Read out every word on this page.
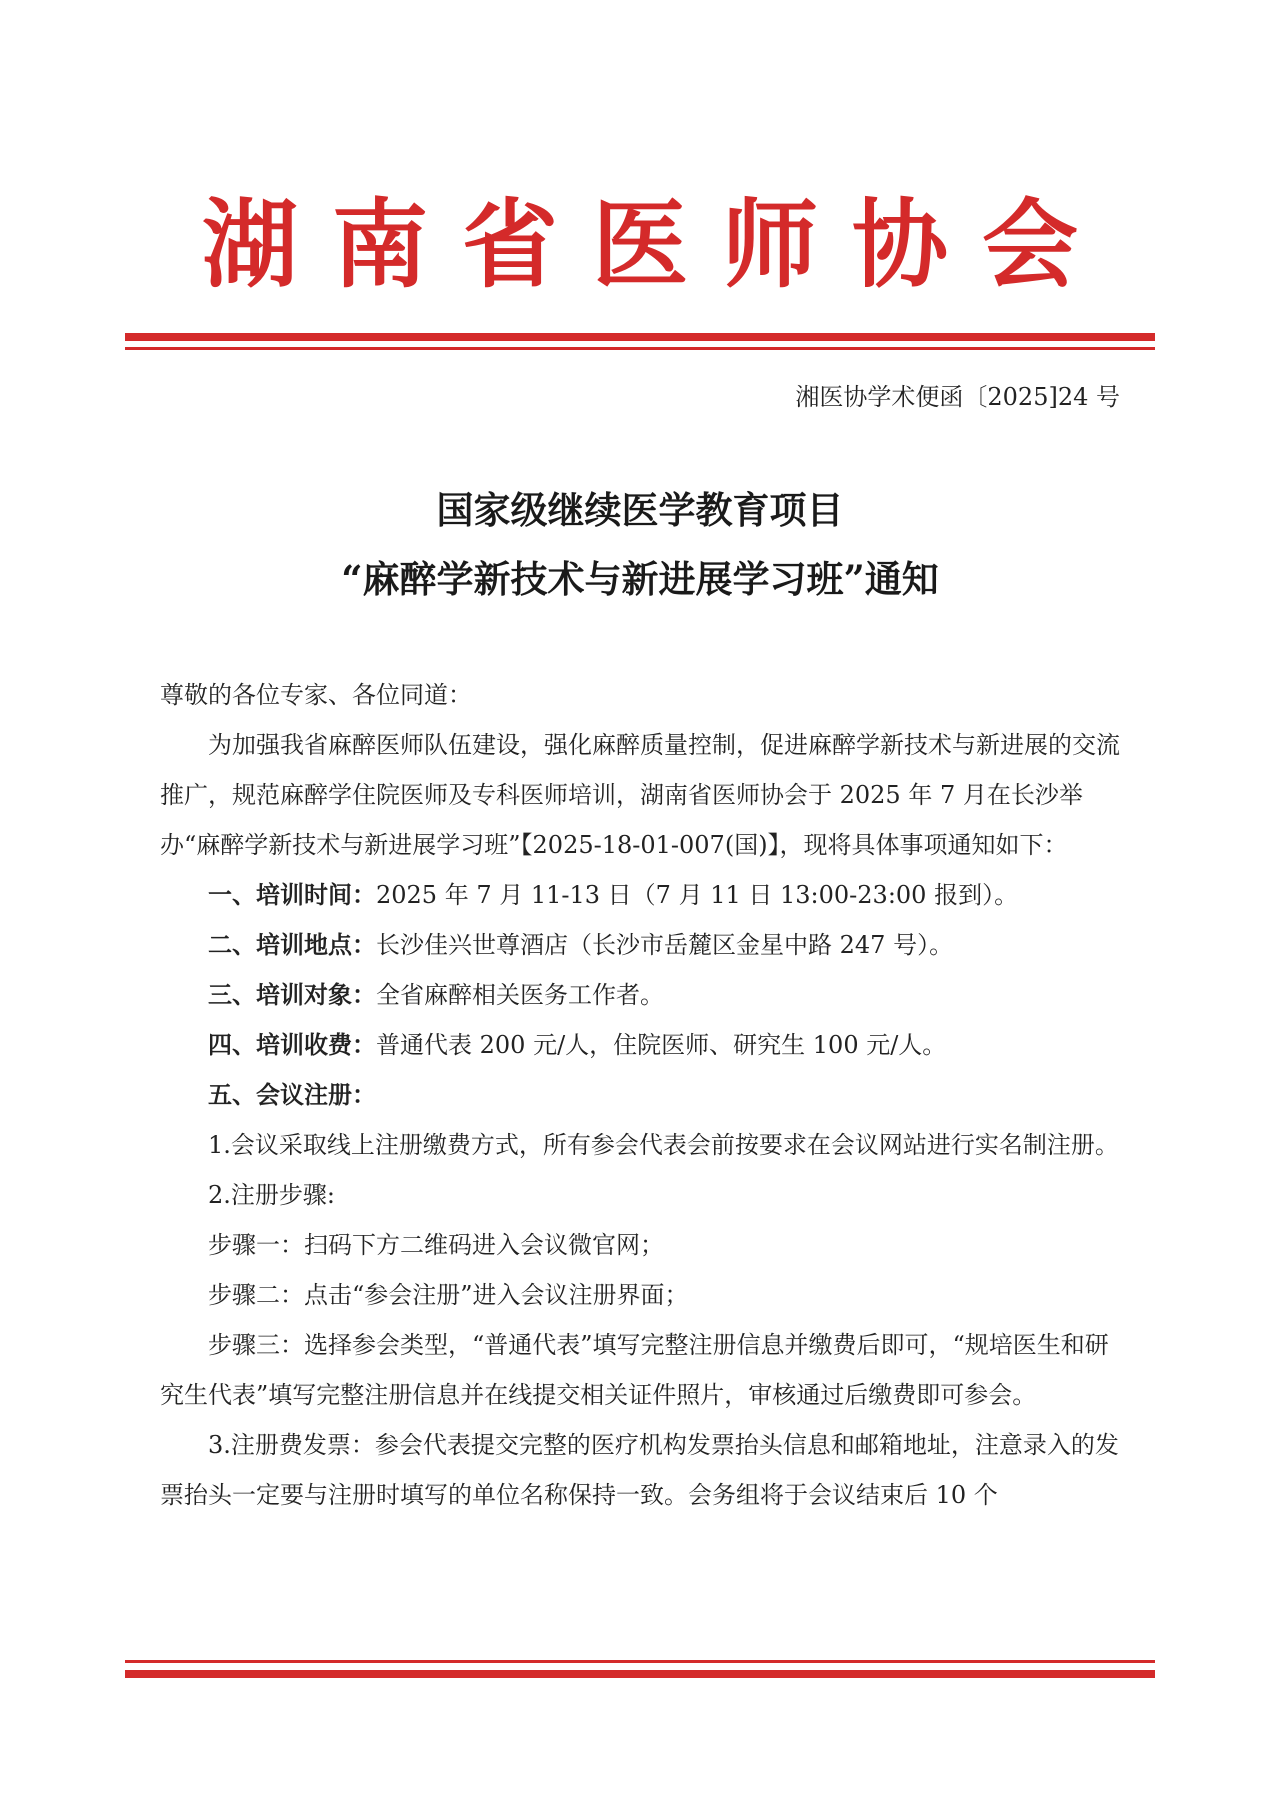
湖南省医师协会
湘医协学术便函〔2025]24 号
国家级继续医学教育项目
“麻醉学新技术与新进展学习班”通知

尊敬的各位专家、各位同道：

为加强我省麻醉医师队伍建设，强化麻醉质量控制，促进麻醉学新技术与新进展的交流推广，规范麻醉学住院医师及专科医师培训，湖南省医师协会于 2025 年 7 月在长沙举办“麻醉学新技术与新进展学习班”【2025-18-01-007(国)】，现将具体事项通知如下：

一、培训时间：2025 年 7 月 11-13 日（7 月 11 日 13:00-23:00 报到）。

二、培训地点：长沙佳兴世尊酒店（长沙市岳麓区金星中路 247 号）。

三、培训对象：全省麻醉相关医务工作者。

四、培训收费：普通代表 200 元/人，住院医师、研究生 100 元/人。

五、会议注册：

1.会议采取线上注册缴费方式，所有参会代表会前按要求在会议网站进行实名制注册。

2.注册步骤:

步骤一：扫码下方二维码进入会议微官网；

步骤二：点击“参会注册”进入会议注册界面；

步骤三：选择参会类型，“普通代表”填写完整注册信息并缴费后即可，“规培医生和研究生代表”填写完整注册信息并在线提交相关证件照片，审核通过后缴费即可参会。

3.注册费发票：参会代表提交完整的医疗机构发票抬头信息和邮箱地址，注意录入的发票抬头一定要与注册时填写的单位名称保持一致。会务组将于会议结束后 10 个
